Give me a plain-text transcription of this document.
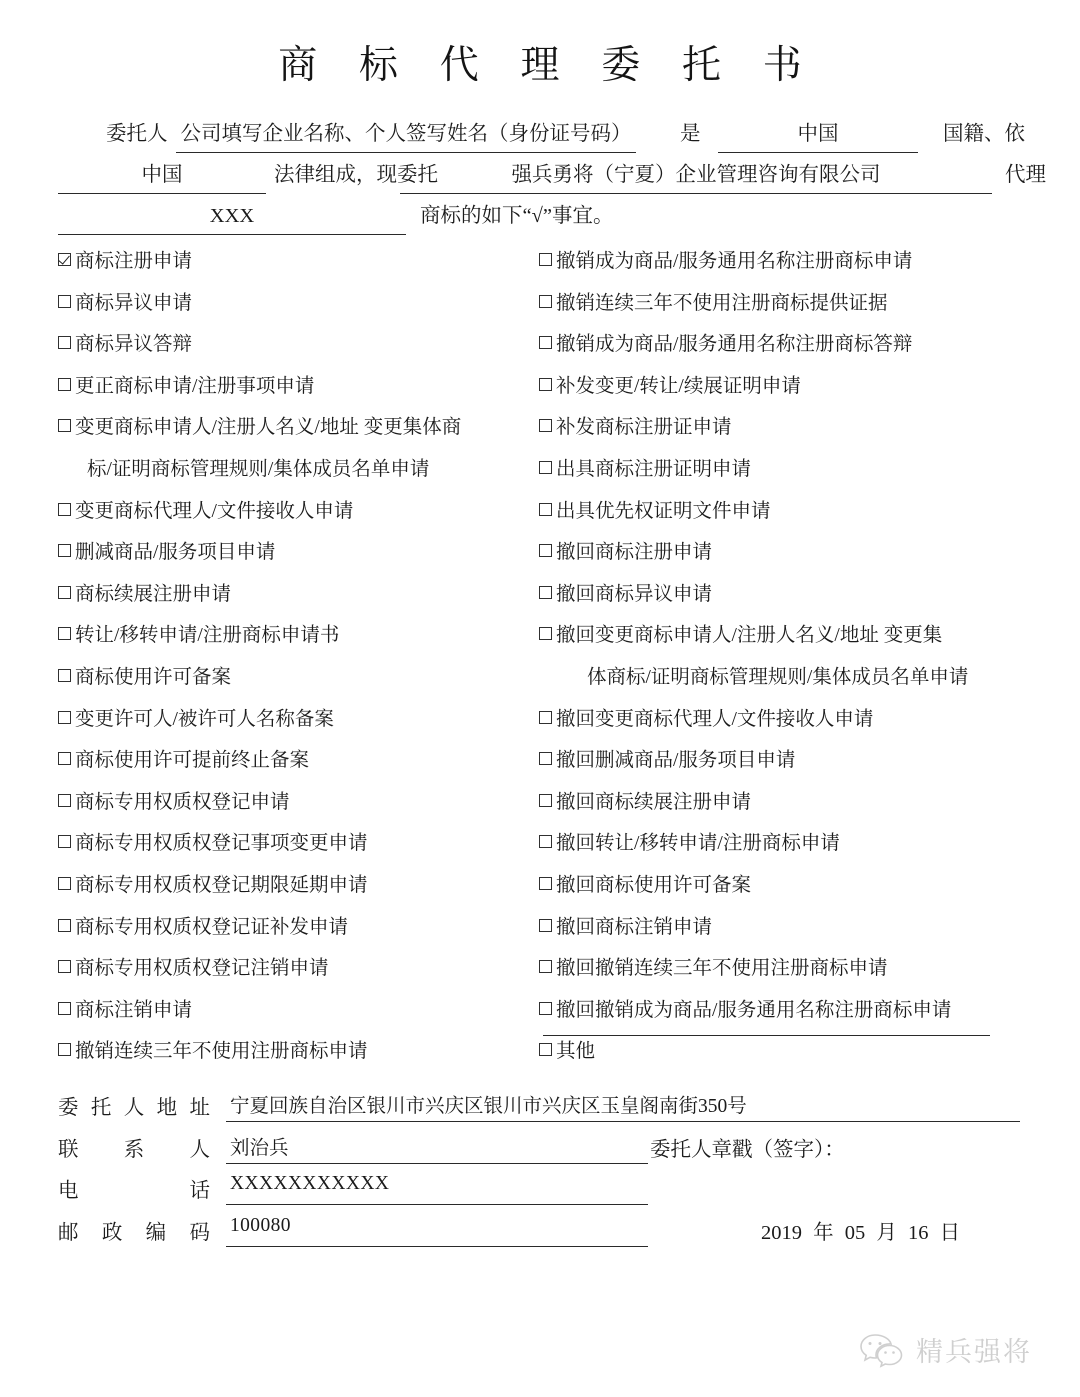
商 标 代 理 委 托 书
委托人 公司填写企业名称、个人签写姓名（身份证号码） 是	中国	国籍、依
中国	法律组成，现委托	强兵勇将（宁夏）企业管理咨询有限公司	代理
XXX	商标的如下“√”事宜。
商标注册申请	撤销成为商品/服务通用名称注册商标申请
商标异议申请	撤销连续三年不使用注册商标提供证据
商标异议答辩	撤销成为商品/服务通用名称注册商标答辩
更正商标申请/注册事项申请	补发变更/转让/续展证明申请
变更商标申请人/注册人名义/地址 变更集体商	补发商标注册证申请
标/证明商标管理规则/集体成员名单申请	出具商标注册证明申请
变更商标代理人/文件接收人申请	出具优先权证明文件申请
删减商品/服务项目申请	撤回商标注册申请
商标续展注册申请	撤回商标异议申请
转让/移转申请/注册商标申请书	撤回变更商标申请人/注册人名义/地址 变更集
商标使用许可备案	体商标/证明商标管理规则/集体成员名单申请
变更许可人/被许可人名称备案	撤回变更商标代理人/文件接收人申请
商标使用许可提前终止备案	撤回删减商品/服务项目申请
商标专用权质权登记申请	撤回商标续展注册申请
商标专用权质权登记事项变更申请	撤回转让/移转申请/注册商标申请
商标专用权质权登记期限延期申请	撤回商标使用许可备案
商标专用权质权登记证补发申请	撤回商标注销申请
商标专用权质权登记注销申请	撤回撤销连续三年不使用注册商标申请
商标注销申请	撤回撤销成为商品/服务通用名称注册商标申请
撤销连续三年不使用注册商标申请	其他
委 托 人 地 址 宁夏回族自治区银川市兴庆区银川市兴庆区玉皇阁南街350号
联 系 人 刘治兵	委托人章戳（签字）：
电	话 XXXXXXXXXXX
邮 政 编 码 100080	2019 年 05 月 16 日
精兵强将
